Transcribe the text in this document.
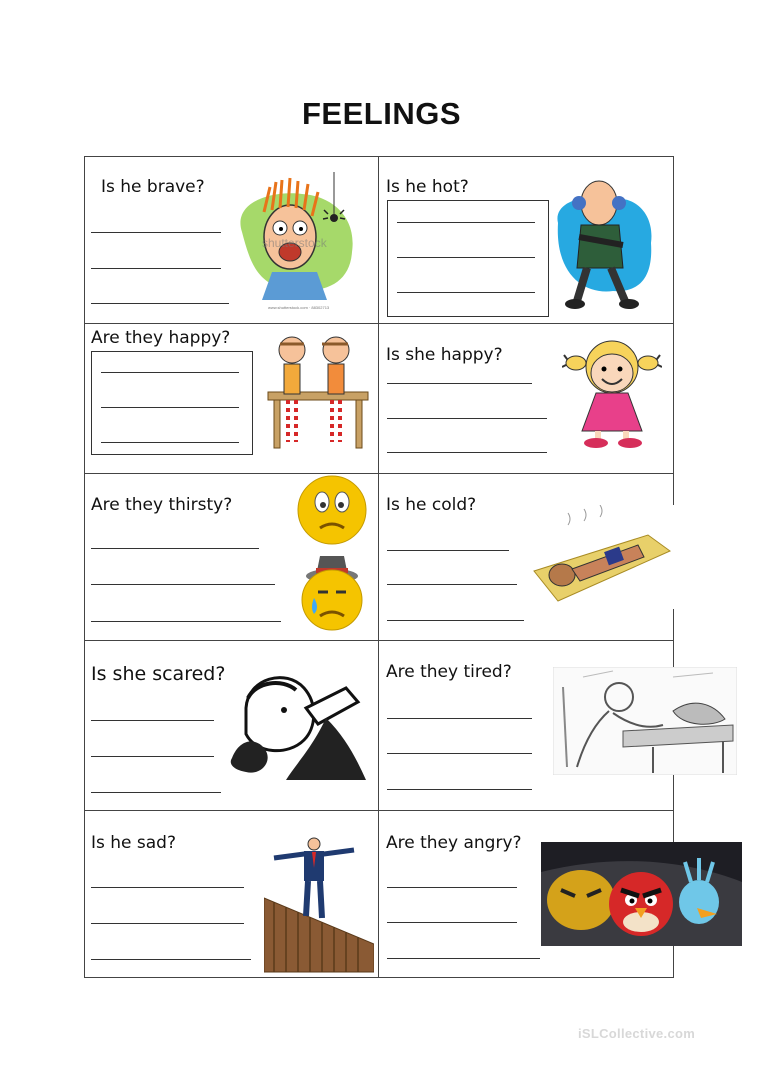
FEELINGS
Is he brave?
shutterstock
www.shutterstock.com · 88302713
Is he hot?
Are they happy?
Is she happy?
Are they thirsty?	Is he cold?
Is she scared?	Are they tired?
Is he sad?	Are they angry?
iSLCollective.com
